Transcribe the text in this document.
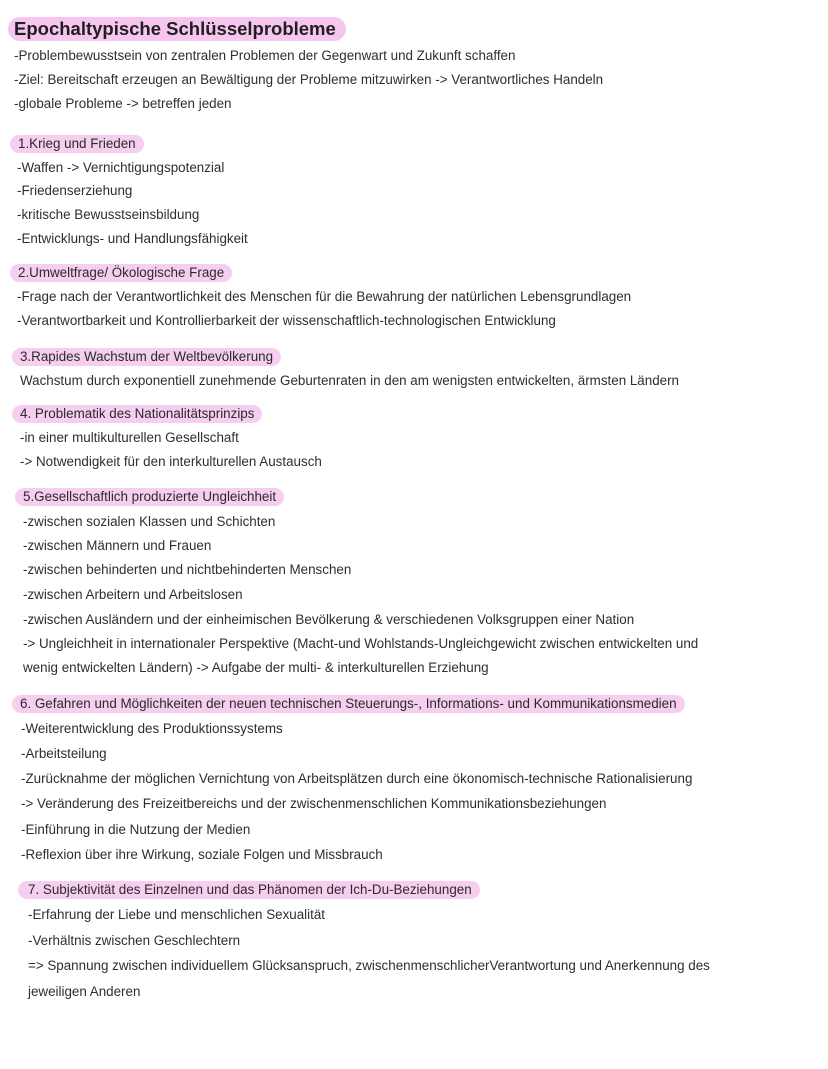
Epochaltypische Schlüsselprobleme
-Problembewusstsein von zentralen Problemen der Gegenwart und Zukunft schaffen
-Ziel: Bereitschaft erzeugen an Bewältigung der Probleme mitzuwirken -> Verantwortliches Handeln
-globale Probleme -> betreffen jeden
1.Krieg und Frieden
-Waffen -> Vernichtigungspotenzial
-Friedenserziehung
-kritische Bewusstseinsbildung
-Entwicklungs- und Handlungsfähigkeit
2.Umweltfrage/ Ökologische Frage
-Frage nach der Verantwortlichkeit des Menschen für die Bewahrung der natürlichen Lebensgrundlagen
-Verantwortbarkeit und Kontrollierbarkeit der wissenschaftlich-technologischen Entwicklung
3.Rapides Wachstum der Weltbevölkerung
Wachstum durch exponentiell zunehmende Geburtenraten in den am wenigsten entwickelten, ärmsten Ländern
4. Problematik des Nationalitätsprinzips
-in einer multikulturellen Gesellschaft
-> Notwendigkeit für den interkulturellen Austausch
5.Gesellschaftlich produzierte Ungleichheit
-zwischen sozialen Klassen und Schichten
-zwischen Männern und Frauen
-zwischen behinderten und nichtbehinderten Menschen
-zwischen Arbeitern und Arbeitslosen
-zwischen Ausländern und der einheimischen Bevölkerung & verschiedenen Volksgruppen einer Nation
-> Ungleichheit in internationaler Perspektive (Macht-und Wohlstands-Ungleichgewicht zwischen entwickelten und
wenig entwickelten Ländern) -> Aufgabe der multi- & interkulturellen Erziehung
6. Gefahren und Möglichkeiten der neuen technischen Steuerungs-, Informations- und Kommunikationsmedien
-Weiterentwicklung des Produktionssystems
-Arbeitsteilung
-Zurücknahme der möglichen Vernichtung von Arbeitsplätzen durch eine ökonomisch-technische Rationalisierung
-> Veränderung des Freizeitbereichs und der zwischenmenschlichen Kommunikationsbeziehungen
-Einführung in die Nutzung der Medien
-Reflexion über ihre Wirkung, soziale Folgen und Missbrauch
7. Subjektivität des Einzelnen und das Phänomen der Ich-Du-Beziehungen
-Erfahrung der Liebe und menschlichen Sexualität
-Verhältnis zwischen Geschlechtern
=> Spannung zwischen individuellem Glücksanspruch, zwischenmenschlicherVerantwortung und Anerkennung des
jeweiligen Anderen
